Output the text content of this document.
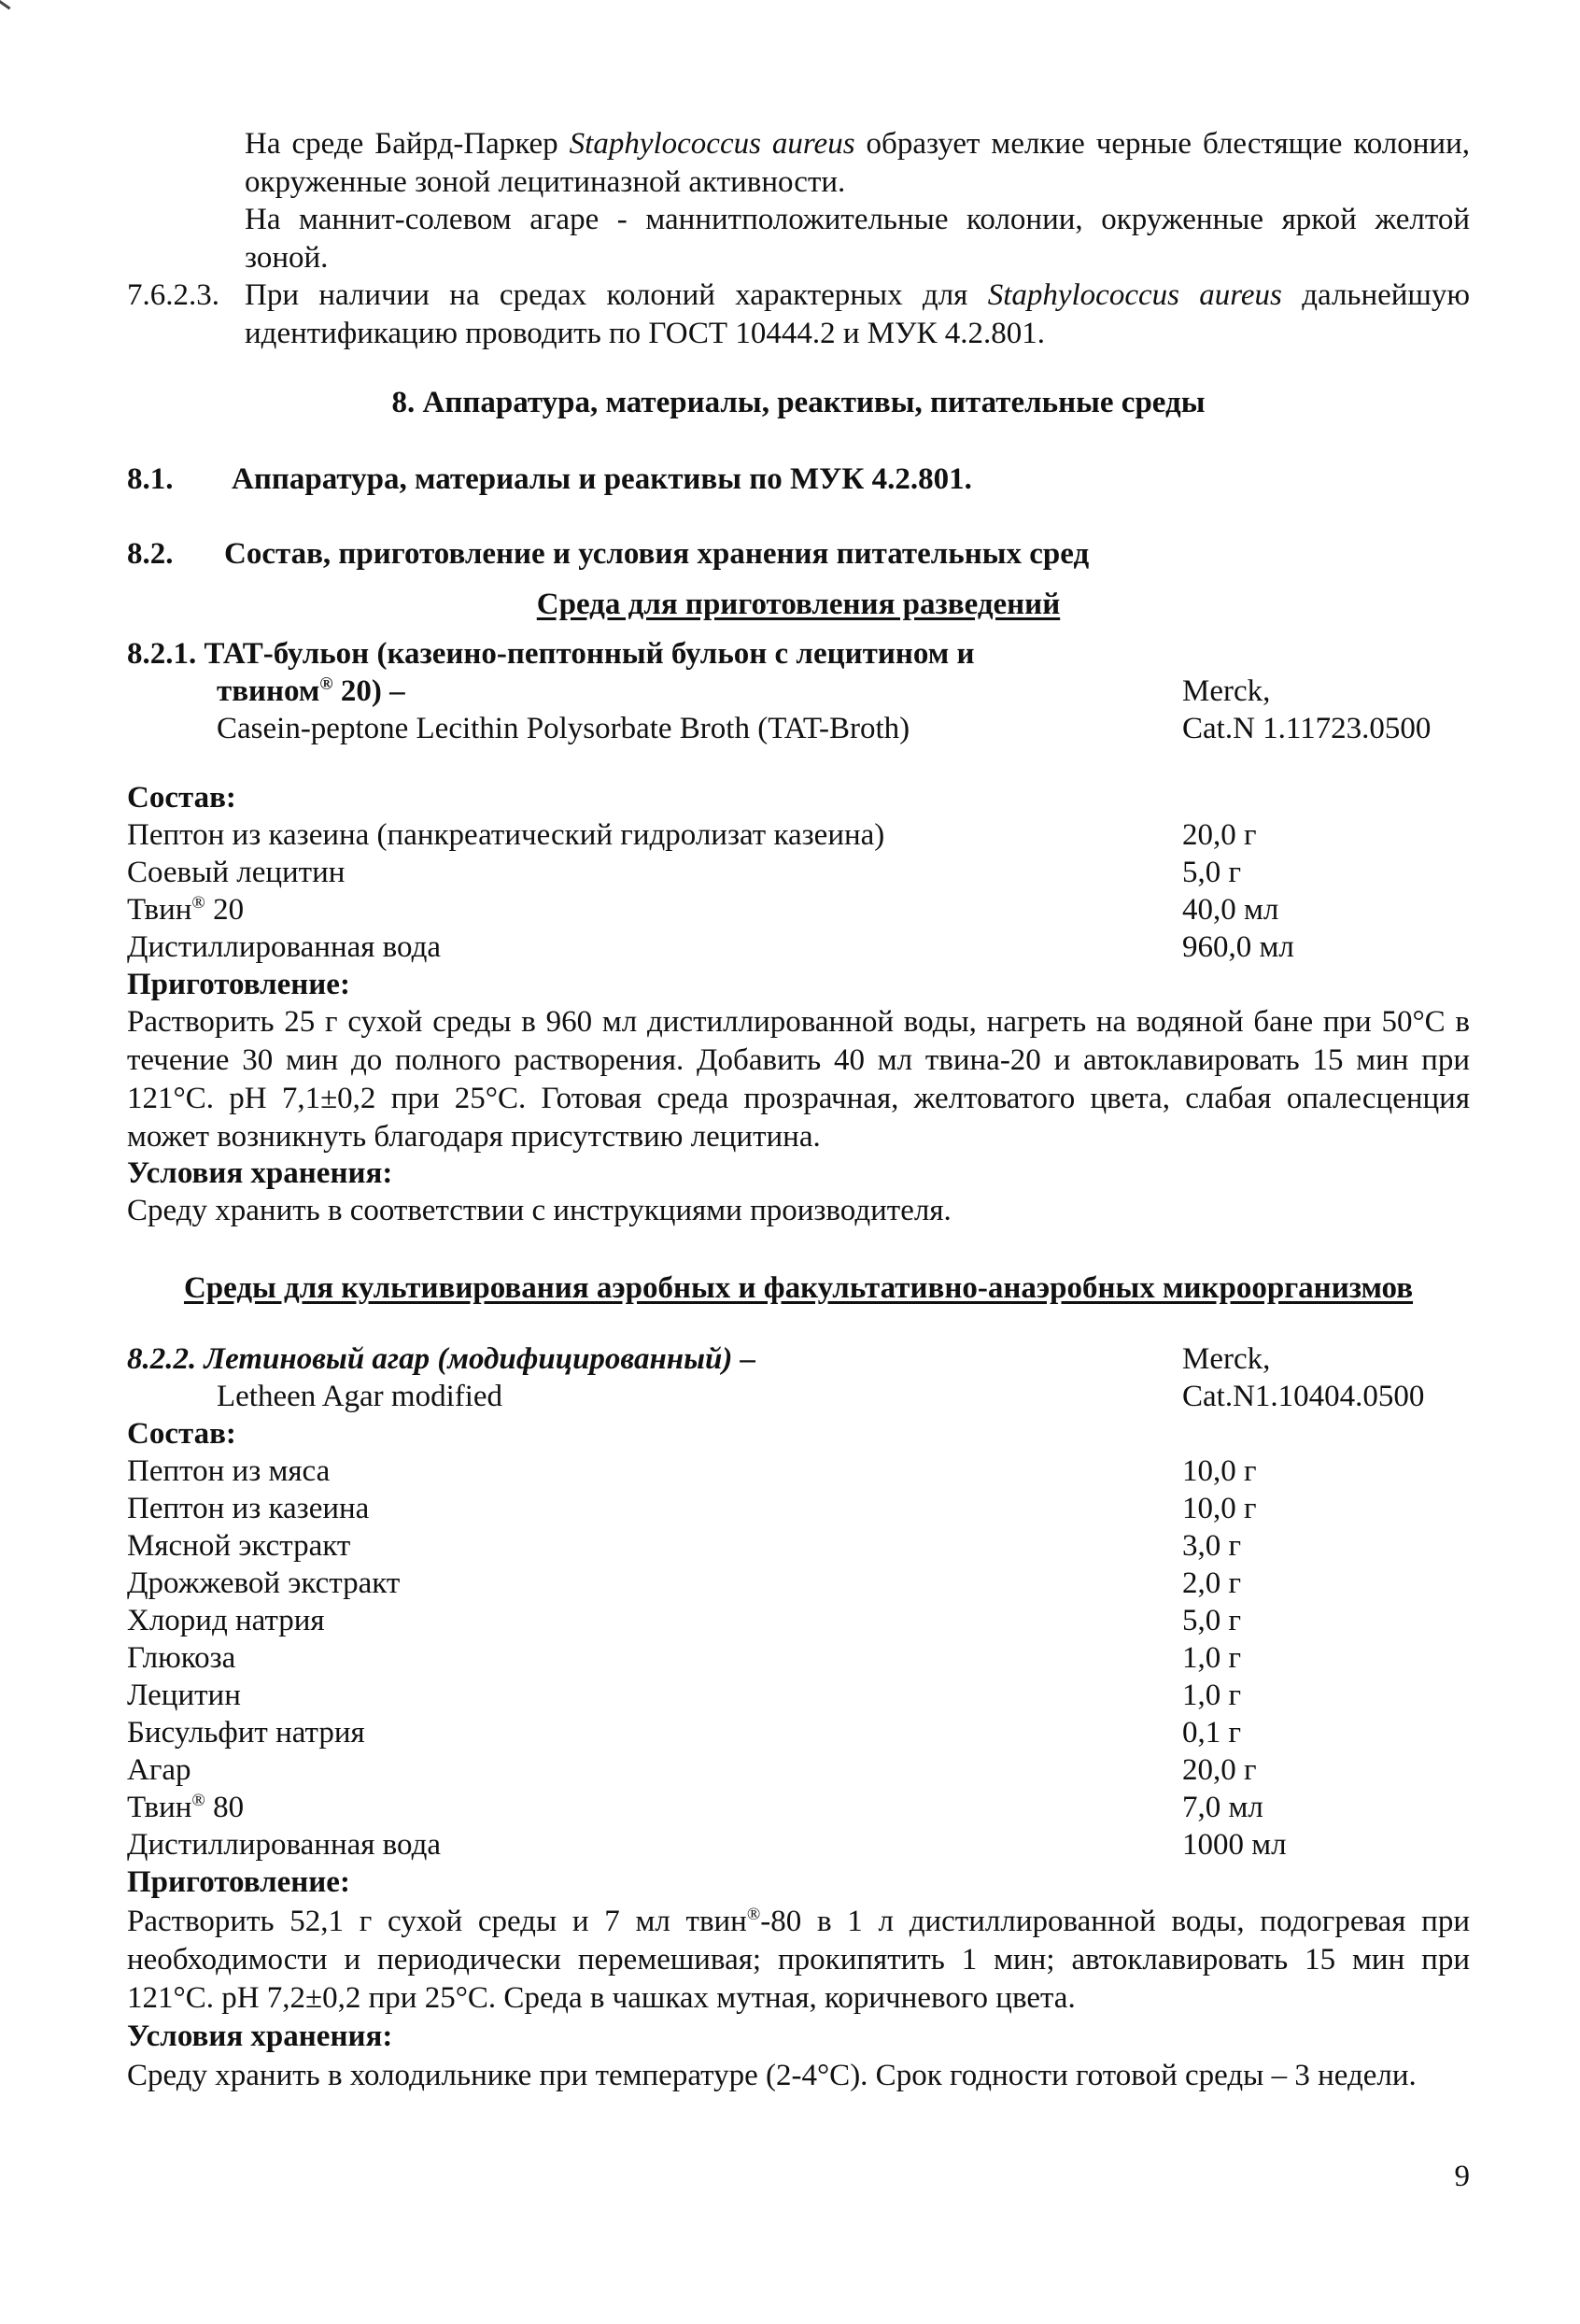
На среде Байрд-Паркер Staphylococcus aureus образует мелкие черные блестящие колонии, окруженные зоной лецитиназной активности.
На маннит-солевом агаре - маннитположительные колонии, окруженные яркой желтой зоной.
7.6.2.3. При наличии на средах колоний характерных для Staphylococcus aureus дальнейшую идентификацию проводить по ГОСТ 10444.2 и МУК 4.2.801.
8. Аппаратура, материалы, реактивы, питательные среды
8.1. Аппаратура, материалы и реактивы по МУК 4.2.801.
8.2. Состав, приготовление и условия хранения питательных сред
Среда для приготовления разведений
8.2.1. ТАТ-бульон (казеино-пептонный бульон с лецитином и
твином® 20) –	Merck,
Casein-peptone Lecithin Polysorbate Broth (TAT-Broth)	Cat.N 1.11723.0500
Состав:
Пептон из казеина (панкреатический гидролизат казеина)	20,0 г
Соевый лецитин	5,0 г
Твин® 20	40,0 мл
Дистиллированная вода	960,0 мл
Приготовление:
Растворить 25 г сухой среды в 960 мл дистиллированной воды, нагреть на водяной бане при 50°С в течение 30 мин до полного растворения. Добавить 40 мл твина-20 и автоклавировать 15 мин при 121°С. рН 7,1±0,2 при 25°С. Готовая среда прозрачная, желтоватого цвета, слабая опалесценция может возникнуть благодаря присутствию лецитина.
Условия хранения:
Среду хранить в соответствии с инструкциями производителя.
Среды для культивирования аэробных и факультативно-анаэробных микроорганизмов
8.2.2. Летиновый агар (модифицированный) –	Merck,
Letheen Agar modified	Cat.N1.10404.0500
Состав:
Пептон из мяса	10,0 г
Пептон из казеина	10,0 г
Мясной экстракт	3,0 г
Дрожжевой экстракт	2,0 г
Хлорид натрия	5,0 г
Глюкоза	1,0 г
Лецитин	1,0 г
Бисульфит натрия	0,1 г
Агар	20,0 г
Твин® 80	7,0 мл
Дистиллированная вода	1000 мл
Приготовление:
Растворить 52,1 г сухой среды и 7 мл твин®-80 в 1 л дистиллированной воды, подогревая при необходимости и периодически перемешивая; прокипятить 1 мин; автоклавировать 15 мин при 121°С. рН 7,2±0,2 при 25°С. Среда в чашках мутная, коричневого цвета.
Условия хранения:
Среду хранить в холодильнике при температуре (2-4°С). Срок годности готовой среды – 3 недели.
9
